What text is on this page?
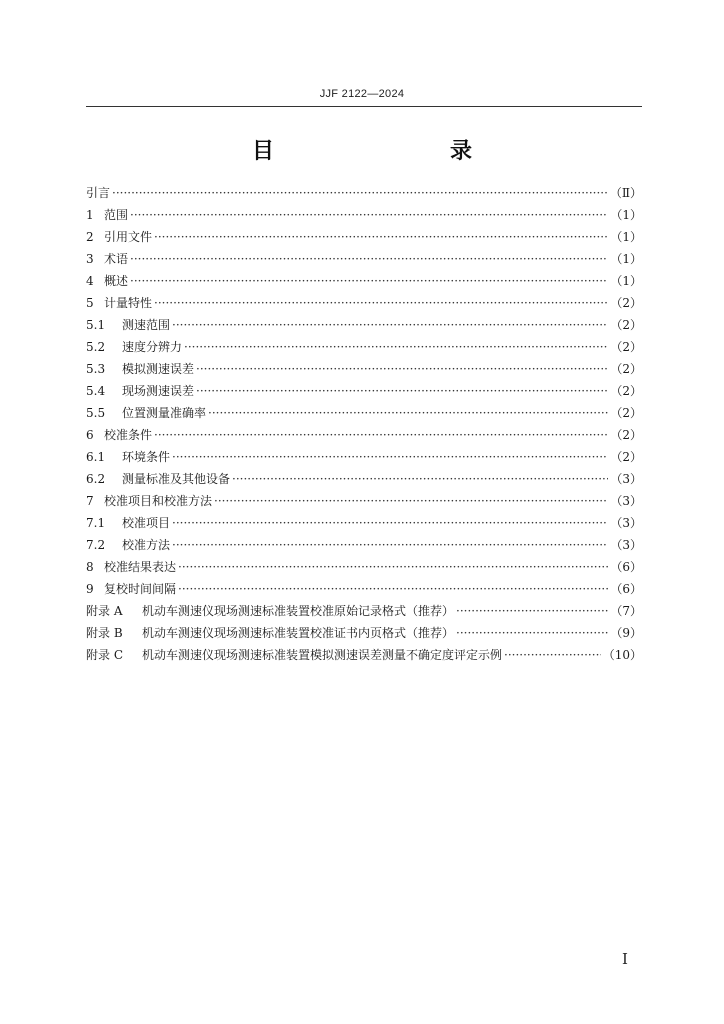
JJF 2122—2024
目　　录
引言 ·····	（Ⅱ）
1 范围 ·····	（1）
2 引用文件 ·····	（1）
3 术语 ·····	（1）
4 概述 ·····	（1）
5 计量特性 ·····	（2）
5.1	测速范围 ·····	（2）
5.2	速度分辨力 ·····	（2）
5.3	模拟测速误差 ·····	（2）
5.4	现场测速误差 ·····	（2）
5.5	位置测量准确率 ·····	（2）
6 校准条件 ·····	（2）
6.1	环境条件 ·····	（2）
6.2	测量标准及其他设备 ·····	（3）
7 校准项目和校准方法 ·····	（3）
7.1	校准项目 ·····	（3）
7.2	校准方法 ·····	（3）
8 校准结果表达 ·····	（6）
9 复校时间间隔 ·····	（6）
附录 A	机动车测速仪现场测速标准装置校准原始记录格式（推荐） ·····	（7）
附录 B	机动车测速仪现场测速标准装置校准证书内页格式（推荐） ·····	（9）
附录 C	机动车测速仪现场测速标准装置模拟测速误差测量不确定度评定示例 ·····	（10）
I
